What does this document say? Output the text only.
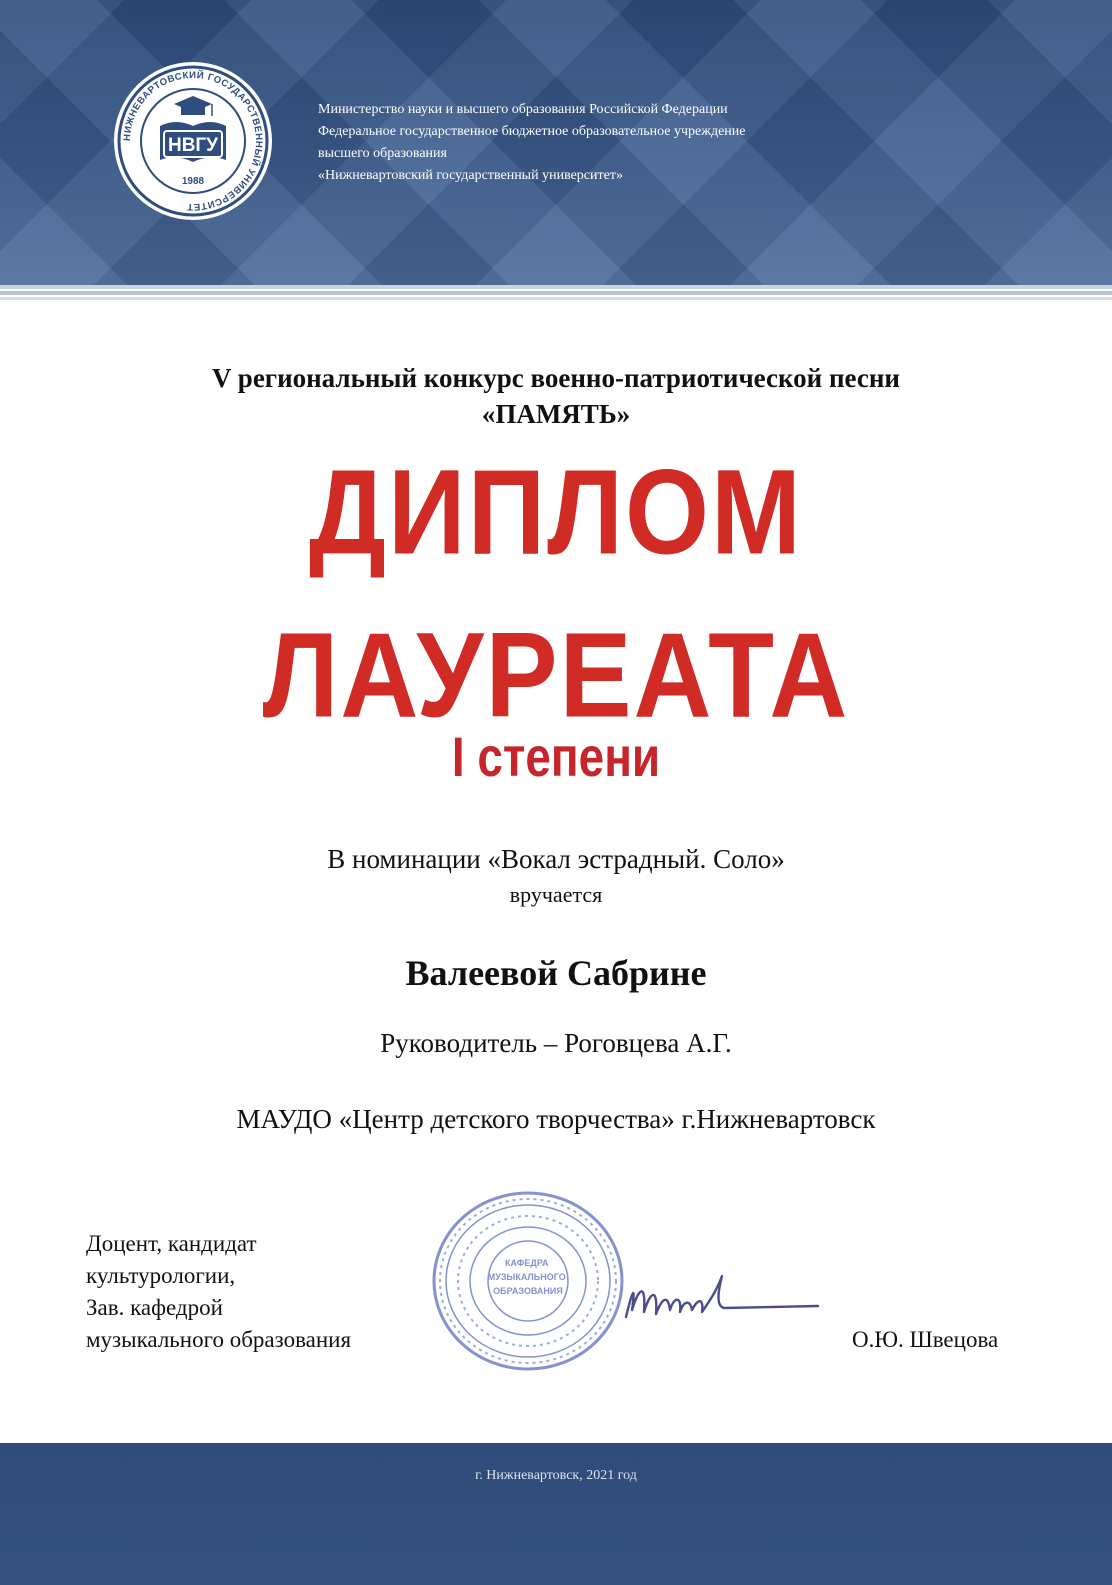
НИЖНЕВАРТОВСКИЙ ГОСУДАРСТВЕННЫЙ УНИВЕРСИТЕТ
НВГУ
1988
Министерство науки и высшего образования Российской Федерации
Федеральное государственное бюджетное образовательное учреждение
высшего образования
«Нижневартовский государственный университет»
V региональный конкурс военно-патриотической песни
«ПАМЯТЬ»
ДИПЛОМ
ЛАУРЕАТА
I степени
В номинации «Вокал эстрадный. Соло»
вручается
Валеевой Сабрине
Руководитель – Роговцева А.Г.
МАУДО «Центр детского творчества» г.Нижневартовск
Доцент, кандидат
культурологии,
Зав. кафедрой
музыкального образования
КАФЕДРА МУЗЫКАЛЬНОГО ОБРАЗОВАНИЯ
О.Ю. Швецова
г. Нижневартовск, 2021 год
